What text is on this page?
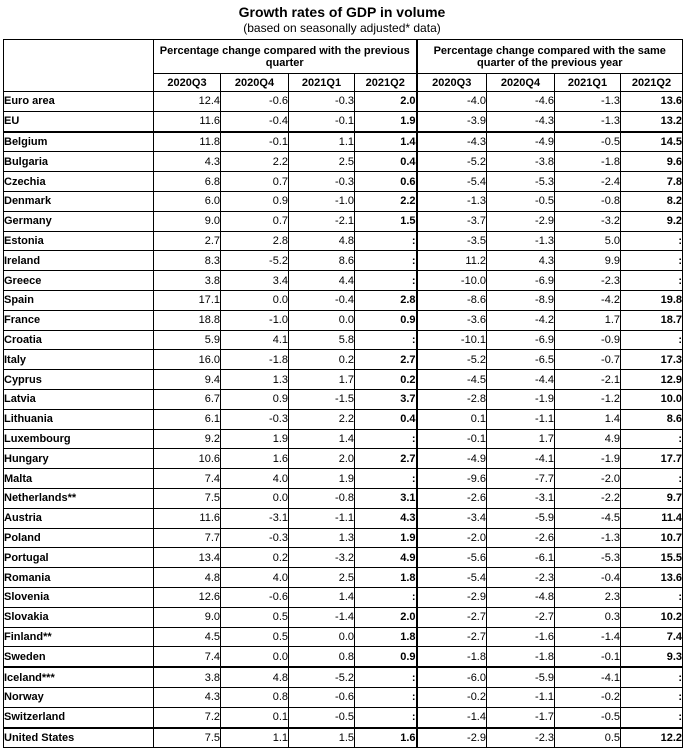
Growth rates of GDP in volume
(based on seasonally adjusted* data)
	Percentage change compared with the previous quarter				Percentage change compared with the same quarter of the previous year			
	2020Q3	2020Q4	2021Q1	2021Q2	2020Q3	2020Q4	2021Q1	2021Q2
Euro area	12.4	-0.6	-0.3	2.0	-4.0	-4.6	-1.3	13.6
EU	11.6	-0.4	-0.1	1.9	-3.9	-4.3	-1.3	13.2
Belgium	11.8	-0.1	1.1	1.4	-4.3	-4.9	-0.5	14.5
Bulgaria	4.3	2.2	2.5	0.4	-5.2	-3.8	-1.8	9.6
Czechia	6.8	0.7	-0.3	0.6	-5.4	-5.3	-2.4	7.8
Denmark	6.0	0.9	-1.0	2.2	-1.3	-0.5	-0.8	8.2
Germany	9.0	0.7	-2.1	1.5	-3.7	-2.9	-3.2	9.2
Estonia	2.7	2.8	4.8	:	-3.5	-1.3	5.0	:
Ireland	8.3	-5.2	8.6	:	11.2	4.3	9.9	:
Greece	3.8	3.4	4.4	:	-10.0	-6.9	-2.3	:
Spain	17.1	0.0	-0.4	2.8	-8.6	-8.9	-4.2	19.8
France	18.8	-1.0	0.0	0.9	-3.6	-4.2	1.7	18.7
Croatia	5.9	4.1	5.8	:	-10.1	-6.9	-0.9	:
Italy	16.0	-1.8	0.2	2.7	-5.2	-6.5	-0.7	17.3
Cyprus	9.4	1.3	1.7	0.2	-4.5	-4.4	-2.1	12.9
Latvia	6.7	0.9	-1.5	3.7	-2.8	-1.9	-1.2	10.0
Lithuania	6.1	-0.3	2.2	0.4	0.1	-1.1	1.4	8.6
Luxembourg	9.2	1.9	1.4	:	-0.1	1.7	4.9	:
Hungary	10.6	1.6	2.0	2.7	-4.9	-4.1	-1.9	17.7
Malta	7.4	4.0	1.9	:	-9.6	-7.7	-2.0	:
Netherlands**	7.5	0.0	-0.8	3.1	-2.6	-3.1	-2.2	9.7
Austria	11.6	-3.1	-1.1	4.3	-3.4	-5.9	-4.5	11.4
Poland	7.7	-0.3	1.3	1.9	-2.0	-2.6	-1.3	10.7
Portugal	13.4	0.2	-3.2	4.9	-5.6	-6.1	-5.3	15.5
Romania	4.8	4.0	2.5	1.8	-5.4	-2.3	-0.4	13.6
Slovenia	12.6	-0.6	1.4	:	-2.9	-4.8	2.3	:
Slovakia	9.0	0.5	-1.4	2.0	-2.7	-2.7	0.3	10.2
Finland**	4.5	0.5	0.0	1.8	-2.7	-1.6	-1.4	7.4
Sweden	7.4	0.0	0.8	0.9	-1.8	-1.8	-0.1	9.3
Iceland***	3.8	4.8	-5.2	:	-6.0	-5.9	-4.1	:
Norway	4.3	0.8	-0.6	:	-0.2	-1.1	-0.2	:
Switzerland	7.2	0.1	-0.5	:	-1.4	-1.7	-0.5	:
United States	7.5	1.1	1.5	1.6	-2.9	-2.3	0.5	12.2
